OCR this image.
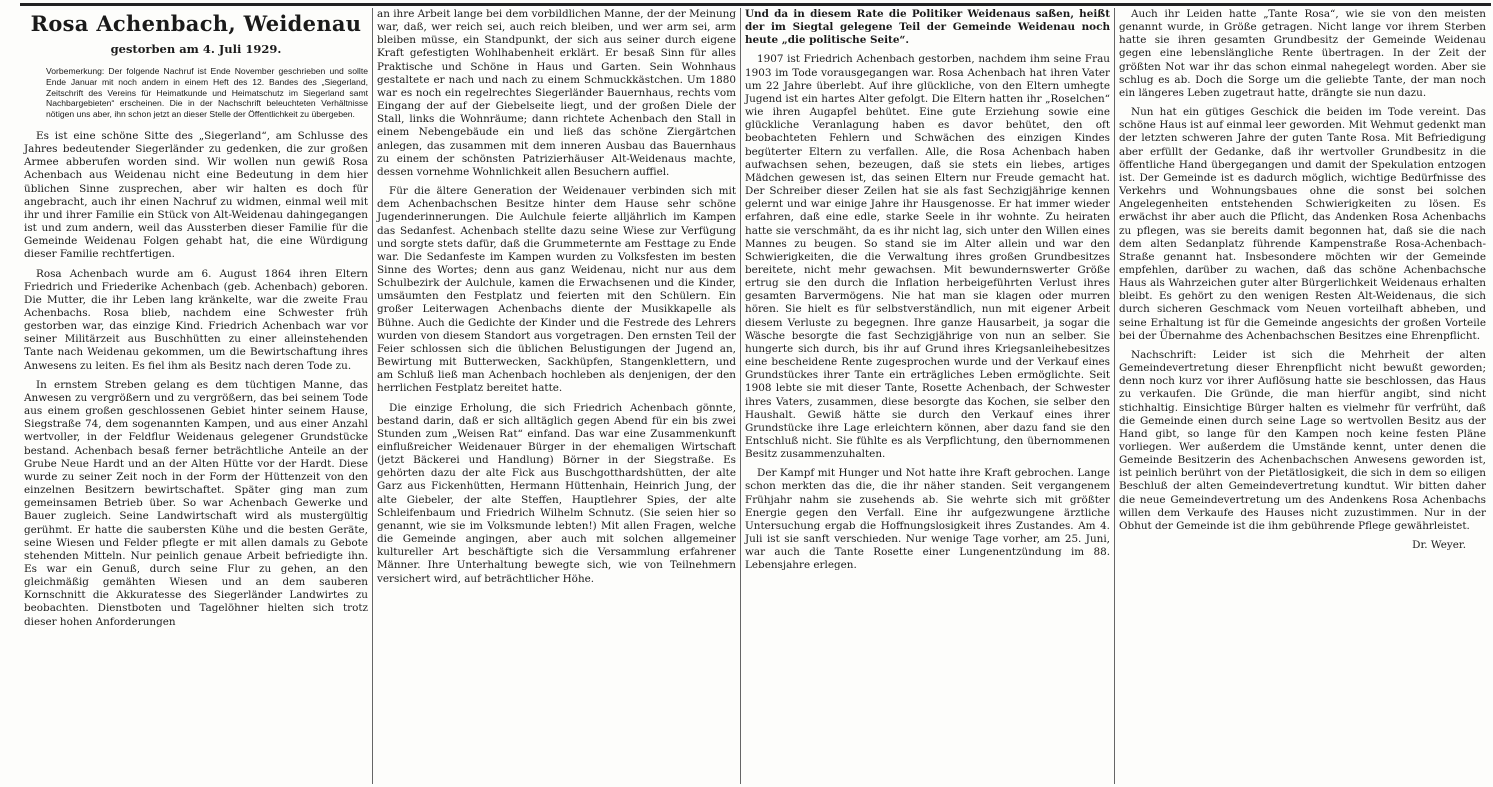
Rosa Achenbach, Weidenau
gestorben am 4. Juli 1929.

Vorbemerkung: Der folgende Nachruf ist Ende November geschrieben und sollte Ende Januar mit noch andern in einem Heft des 12. Bandes des „Siegerland, Zeitschrift des Vereins für Heimatkunde und Heimatschutz im Siegerland samt Nachbargebieten“ erscheinen. Die in der Nachschrift beleuchteten Verhältnisse nötigen uns aber, ihn schon jetzt an dieser Stelle der Öffentlichkeit zu übergeben.

Es ist eine schöne Sitte des „Siegerland“, am Schlusse des Jahres bedeutender Siegerländer zu gedenken, die zur großen Armee abberufen worden sind. Wir wollen nun gewiß Rosa Achenbach aus Weidenau nicht eine Bedeutung in dem hier üblichen Sinne zusprechen, aber wir halten es doch für angebracht, auch ihr einen Nachruf zu widmen, einmal weil mit ihr und ihrer Familie ein Stück von Alt-Weidenau dahingegangen ist und zum andern, weil das Aussterben dieser Familie für die Gemeinde Weidenau Folgen gehabt hat, die eine Würdigung dieser Familie rechtfertigen.

Rosa Achenbach wurde am 6. August 1864 ihren Eltern Friedrich und Friederike Achenbach (geb. Achenbach) geboren. Die Mutter, die ihr Leben lang kränkelte, war die zweite Frau Achenbachs. Rosa blieb, nachdem eine Schwester früh gestorben war, das einzige Kind. Friedrich Achenbach war vor seiner Militärzeit aus Buschhütten zu einer alleinstehenden Tante nach Weidenau gekommen, um die Bewirtschaftung ihres Anwesens zu leiten. Es fiel ihm als Besitz nach deren Tode zu.

In ernstem Streben gelang es dem tüchtigen Manne, das Anwesen zu vergrößern und zu vergrößern, das bei seinem Tode aus einem großen geschlossenen Gebiet hinter seinem Hause, Siegstraße 74, dem sogenannten Kampen, und aus einer Anzahl wertvoller, in der Feldflur Weidenaus gelegener Grundstücke bestand. Achenbach besaß ferner beträchtliche Anteile an der Grube Neue Hardt und an der Alten Hütte vor der Hardt. Diese wurde zu seiner Zeit noch in der Form der Hüttenzeit von den einzelnen Besitzern bewirtschaftet. Später ging man zum gemeinsamen Betrieb über. So war Achenbach Gewerke und Bauer zugleich. Seine Landwirtschaft wird als mustergültig gerühmt. Er hatte die saubersten Kühe und die besten Geräte, seine Wiesen und Felder pflegte er mit allen damals zu Gebote stehenden Mitteln. Nur peinlich genaue Arbeit befriedigte ihn. Es war ein Genuß, durch seine Flur zu gehen, an den gleichmäßig gemähten Wiesen und an dem sauberen Kornschnitt die Akkuratesse des Siegerländer Landwirtes zu beobachten. Dienstboten und Tagelöhner hielten sich trotz dieser hohen Anforderungen

an ihre Arbeit lange bei dem vorbildlichen Manne, der der Meinung war, daß, wer reich sei, auch reich bleiben, und wer arm sei, arm bleiben müsse, ein Standpunkt, der sich aus seiner durch eigene Kraft gefestigten Wohlhabenheit erklärt. Er besaß Sinn für alles Praktische und Schöne in Haus und Garten. Sein Wohnhaus gestaltete er nach und nach zu einem Schmuckkästchen. Um 1880 war es noch ein regelrechtes Siegerländer Bauernhaus, rechts vom Eingang der auf der Giebelseite liegt, und der großen Diele der Stall, links die Wohnräume; dann richtete Achenbach den Stall in einem Nebengebäude ein und ließ das schöne Ziergärtchen anlegen, das zusammen mit dem inneren Ausbau das Bauernhaus zu einem der schönsten Patrizierhäuser Alt-Weidenaus machte, dessen vornehme Wohnlichkeit allen Besuchern auffiel.

Für die ältere Generation der Weidenauer verbinden sich mit dem Achenbachschen Besitze hinter dem Hause sehr schöne Jugenderinnerungen. Die Aulchule feierte alljährlich im Kampen das Sedanfest. Achenbach stellte dazu seine Wiese zur Verfügung und sorgte stets dafür, daß die Grummeternte am Festtage zu Ende war. Die Sedanfeste im Kampen wurden zu Volksfesten im besten Sinne des Wortes; denn aus ganz Weidenau, nicht nur aus dem Schulbezirk der Aulchule, kamen die Erwachsenen und die Kinder, umsäumten den Festplatz und feierten mit den Schülern. Ein großer Leiterwagen Achenbachs diente der Musikkapelle als Bühne. Auch die Gedichte der Kinder und die Festrede des Lehrers wurden von diesem Standort aus vorgetragen. Den ernsten Teil der Feier schlossen sich die üblichen Belustigungen der Jugend an, Bewirtung mit Butterwecken, Sackhüpfen, Stangenklettern, und am Schluß ließ man Achenbach hochleben als denjenigen, der den herrlichen Festplatz bereitet hatte.

Die einzige Erholung, die sich Friedrich Achenbach gönnte, bestand darin, daß er sich alltäglich gegen Abend für ein bis zwei Stunden zum „Weisen Rat“ einfand. Das war eine Zusammenkunft einflußreicher Weidenauer Bürger in der ehemaligen Wirtschaft (jetzt Bäckerei und Handlung) Börner in der Siegstraße. Es gehörten dazu der alte Fick aus Buschgotthardshütten, der alte Garz aus Fickenhütten, Hermann Hüttenhain, Heinrich Jung, der alte Giebeler, der alte Steffen, Hauptlehrer Spies, der alte Schleifenbaum und Friedrich Wilhelm Schnutz. (Sie seien hier so genannt, wie sie im Volksmunde lebten!) Mit allen Fragen, welche die Gemeinde angingen, aber auch mit solchen allgemeiner kultureller Art beschäftigte sich die Versammlung erfahrener Männer. Ihre Unterhaltung bewegte sich, wie von Teilnehmern versichert wird, auf beträchtlicher Höhe.

Und da in diesem Rate die Politiker Weidenaus saßen, heißt der im Siegtal gelegene Teil der Gemeinde Weidenau noch heute „die politische Seite“.

1907 ist Friedrich Achenbach gestorben, nachdem ihm seine Frau 1903 im Tode vorausgegangen war. Rosa Achenbach hat ihren Vater um 22 Jahre überlebt. Auf ihre glückliche, von den Eltern umhegte Jugend ist ein hartes Alter gefolgt. Die Eltern hatten ihr „Roselchen“ wie ihren Augapfel behütet. Eine gute Erziehung sowie eine glückliche Veranlagung haben es davor behütet, den oft beobachteten Fehlern und Schwächen des einzigen Kindes begüterter Eltern zu verfallen. Alle, die Rosa Achenbach haben aufwachsen sehen, bezeugen, daß sie stets ein liebes, artiges Mädchen gewesen ist, das seinen Eltern nur Freude gemacht hat. Der Schreiber dieser Zeilen hat sie als fast Sechzigjährige kennen gelernt und war einige Jahre ihr Hausgenosse. Er hat immer wieder erfahren, daß eine edle, starke Seele in ihr wohnte. Zu heiraten hatte sie verschmäht, da es ihr nicht lag, sich unter den Willen eines Mannes zu beugen. So stand sie im Alter allein und war den Schwierigkeiten, die die Verwaltung ihres großen Grundbesitzes bereitete, nicht mehr gewachsen. Mit bewundernswerter Größe ertrug sie den durch die Inflation herbeigeführten Verlust ihres gesamten Barvermögens. Nie hat man sie klagen oder murren hören. Sie hielt es für selbstverständlich, nun mit eigener Arbeit diesem Verluste zu begegnen. Ihre ganze Hausarbeit, ja sogar die Wäsche besorgte die fast Sechzigjährige von nun an selber. Sie hungerte sich durch, bis ihr auf Grund ihres Kriegsanleihebesitzes eine bescheidene Rente zugesprochen wurde und der Verkauf eines Grundstückes ihrer Tante ein erträgliches Leben ermöglichte. Seit 1908 lebte sie mit dieser Tante, Rosette Achenbach, der Schwester ihres Vaters, zusammen, diese besorgte das Kochen, sie selber den Haushalt. Gewiß hätte sie durch den Verkauf eines ihrer Grundstücke ihre Lage erleichtern können, aber dazu fand sie den Entschluß nicht. Sie fühlte es als Verpflichtung, den übernommenen Besitz zusammenzuhalten.

Der Kampf mit Hunger und Not hatte ihre Kraft gebrochen. Lange schon merkten das die, die ihr näher standen. Seit vergangenem Frühjahr nahm sie zusehends ab. Sie wehrte sich mit größter Energie gegen den Verfall. Eine ihr aufgezwungene ärztliche Untersuchung ergab die Hoffnungslosigkeit ihres Zustandes. Am 4. Juli ist sie sanft verschieden. Nur wenige Tage vorher, am 25. Juni, war auch die Tante Rosette einer Lungenentzündung im 88. Lebensjahre erlegen.

Auch ihr Leiden hatte „Tante Rosa“, wie sie von den meisten genannt wurde, in Größe getragen. Nicht lange vor ihrem Sterben hatte sie ihren gesamten Grundbesitz der Gemeinde Weidenau gegen eine lebenslängliche Rente übertragen. In der Zeit der größten Not war ihr das schon einmal nahegelegt worden. Aber sie schlug es ab. Doch die Sorge um die geliebte Tante, der man noch ein längeres Leben zugetraut hatte, drängte sie nun dazu.

Nun hat ein gütiges Geschick die beiden im Tode vereint. Das schöne Haus ist auf einmal leer geworden. Mit Wehmut gedenkt man der letzten schweren Jahre der guten Tante Rosa. Mit Befriedigung aber erfüllt der Gedanke, daß ihr wertvoller Grundbesitz in die öffentliche Hand übergegangen und damit der Spekulation entzogen ist. Der Gemeinde ist es dadurch möglich, wichtige Bedürfnisse des Verkehrs und Wohnungsbaues ohne die sonst bei solchen Angelegenheiten entstehenden Schwierigkeiten zu lösen. Es erwächst ihr aber auch die Pflicht, das Andenken Rosa Achenbachs zu pflegen, was sie bereits damit begonnen hat, daß sie die nach dem alten Sedanplatz führende Kampenstraße Rosa-Achenbach-Straße genannt hat. Insbesondere möchten wir der Gemeinde empfehlen, darüber zu wachen, daß das schöne Achenbachsche Haus als Wahrzeichen guter alter Bürgerlichkeit Weidenaus erhalten bleibt. Es gehört zu den wenigen Resten Alt-Weidenaus, die sich durch sicheren Geschmack vom Neuen vorteilhaft abheben, und seine Erhaltung ist für die Gemeinde angesichts der großen Vorteile bei der Übernahme des Achenbachschen Besitzes eine Ehrenpflicht.

Nachschrift: Leider ist sich die Mehrheit der alten Gemeindevertretung dieser Ehrenpflicht nicht bewußt geworden; denn noch kurz vor ihrer Auflösung hatte sie beschlossen, das Haus zu verkaufen. Die Gründe, die man hierfür angibt, sind nicht stichhaltig. Einsichtige Bürger halten es vielmehr für verfrüht, daß die Gemeinde einen durch seine Lage so wertvollen Besitz aus der Hand gibt, so lange für den Kampen noch keine festen Pläne vorliegen. Wer außerdem die Umstände kennt, unter denen die Gemeinde Besitzerin des Achenbachschen Anwesens geworden ist, ist peinlich berührt von der Pietätlosigkeit, die sich in dem so eiligen Beschluß der alten Gemeindevertretung kundtut. Wir bitten daher die neue Gemeindevertretung um des Andenkens Rosa Achenbachs willen dem Verkaufe des Hauses nicht zuzustimmen. Nur in der Obhut der Gemeinde ist die ihm gebührende Pflege gewährleistet.

Dr. Weyer.
